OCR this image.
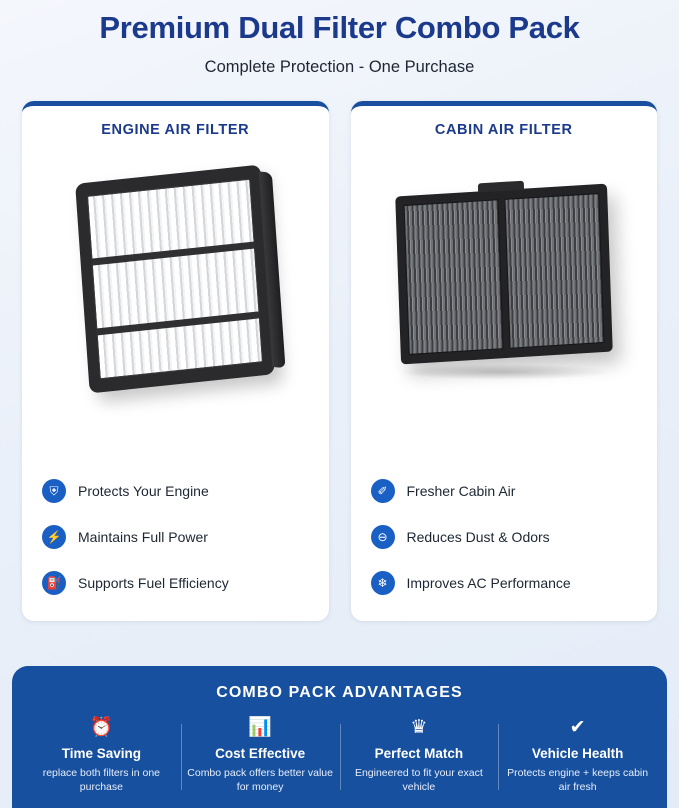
Premium Dual Filter Combo Pack
Complete Protection - One Purchase
ENGINE AIR FILTER
⛨	Protects Your Engine
⚡	Maintains Full Power
⛽	Supports Fuel Efficiency
CABIN AIR FILTER
✐	Fresher Cabin Air
⊖	Reduces Dust & Odors
❄	Improves AC Performance
COMBO PACK ADVANTAGES
⏰
Time Saving
replace both filters in one purchase
📊
Cost Effective
Combo pack offers better value for money
♛
Perfect Match
Engineered to fit your exact vehicle
✔
Vehicle Health
Protects engine + keeps cabin air fresh
